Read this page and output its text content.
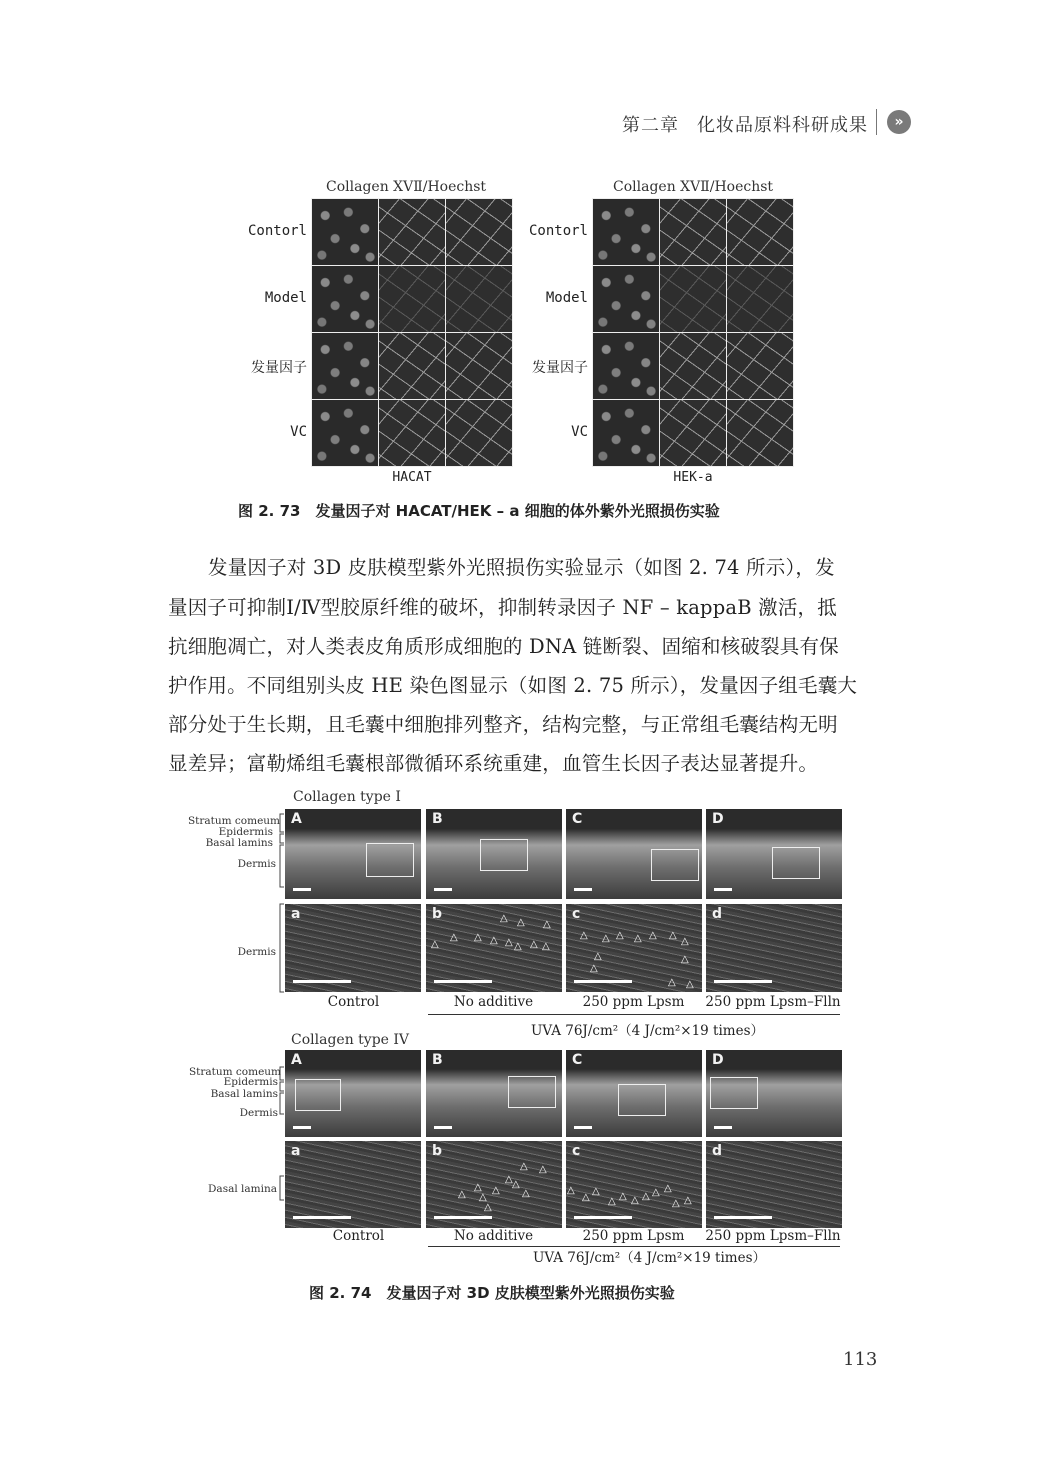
第二章 化妆品原料科研成果	»
Collagen ⅩⅤⅡ/Hoechst	Collagen ⅩⅤⅡ/Hoechst
Contorl
Model
发量因子
VC
HACAT
Contorl
Model
发量因子
VC
HEK-a
图 2. 73　发量因子对 HACAT/HEK – a 细胞的体外紫外光照损伤实验
发量因子对 3D 皮肤模型紫外光照损伤实验显示（如图 2. 74 所示），发
量因子可抑制Ⅰ/Ⅳ型胶原纤维的破坏，抑制转录因子 NF – kappaB 激活，抵
抗细胞凋亡，对人类表皮角质形成细胞的 DNA 链断裂、固缩和核破裂具有保
护作用。不同组别头皮 HE 染色图显示（如图 2. 75 所示），发量因子组毛囊大
部分处于生长期，且毛囊中细胞排列整齐，结构完整，与正常组毛囊结构无明
显差异；富勒烯组毛囊根部微循环系统重建，血管生长因子表达显著提升。
Collagen type I
Stratum comeum
Epidermis
Basal lamins
Dermis
Dermis
A	B	C	D
a	b
△
△ △ △
△
△ △
△
△ △
△
c
△ △ △ △ △ △
△
△
△
△
△ △
d
Control	No additive	250 ppm Lpsm	250 ppm Lpsm–Flln
UVA 76J/cm²（4 J/cm²×19 times）
Collagen type IV
Stratum comeum
Epidermis
Basal lamins
Dermis
Dasal lamina
A	B	C	D
a	b
△ △
△
△ △
△
△
△ △
△
c
△
△
△
△ △ △ △ △ △
△ △
d
Control	No additive	250 ppm Lpsm	250 ppm Lpsm–Flln
UVA 76J/cm²（4 J/cm²×19 times）
图 2. 74　发量因子对 3D 皮肤模型紫外光照损伤实验
113
